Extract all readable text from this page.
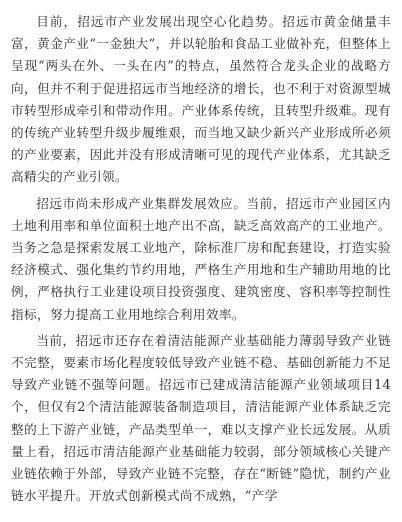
目前，招远市产业发展出现空心化趋势。招远市黄金储量丰富，黄金产业“一金独大”，并以轮胎和食品工业做补充，但整体上呈现“两头在外、一头在内”的特点，虽然符合龙头企业的战略方向，但并不利于促进招远市当地经济的增长，也不利于对资源型城市转型形成牵引和带动作用。产业体系传统，且转型升级难。现有的传统产业转型升级步履维艰，而当地又缺少新兴产业形成所必须的产业要素，因此并没有形成清晰可见的现代产业体系，尤其缺乏高精尖的产业引领。

招远市尚未形成产业集群发展效应。当前，招远市产业园区内土地利用率和单位面积土地产出不高，缺乏高效高产的工业地产。当务之急是探索发展工业地产，除标准厂房和配套建设，打造实验经济模式、强化集约节约用地，严格生产用地和生产辅助用地的比例，严格执行工业建设项目投资强度、建筑密度、容积率等控制性指标，努力提高工业用地综合利用效率。

当前，招远市还存在着清洁能源产业基础能力薄弱导致产业链不完整，要素市场化程度较低导致产业链不稳、基础创新能力不足导致产业链不强等问题。招远市已建成清洁能源产业领域项目14个，但仅有2个清洁能源装备制造项目，清洁能源产业体系缺乏完整的上下游产业链，产品类型单一，难以支撑产业长远发展。从质量上看，招远市清洁能源产业基础能力较弱，部分领域核心关键产业链依赖于外部，导致产业链不完整，存在“断链”隐忧，制约产业链水平提升。开放式创新模式尚不成熟，“产学
